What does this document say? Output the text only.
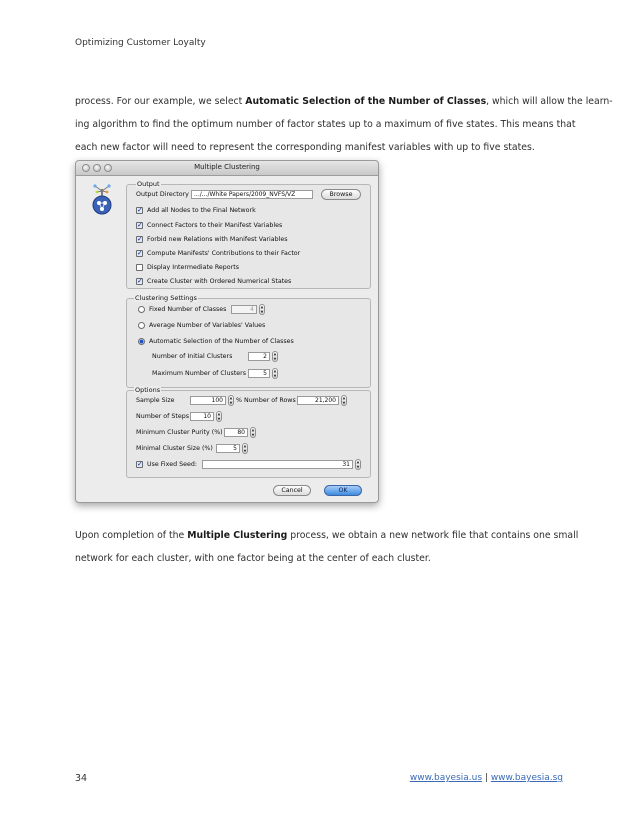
Optimizing Customer Loyalty
process. For our example, we select Automatic Selection of the Number of Classes, which will allow the learn-
ing algorithm to find the optimum number of factor states up to a maximum of five states. This means that
each new factor will need to represent the corresponding manifest variables with up to five states.
Multiple Clustering
Output
Output Directory .../.../White Papers/2009_NVFS/VZ	Browse
✓
Add all Nodes to the Final Network
✓
Connect Factors to their Manifest Variables
✓
Forbid new Relations with Manifest Variables
✓
Compute Manifests' Contributions to their Factor
Display Intermediate Reports
✓
Create Cluster with Ordered Numerical States
Clustering Settings
Fixed Number of Classes	4	▲
▼
Average Number of Variables' Values
Automatic Selection of the Number of Classes
Number of Initial Clusters	2	▲
▼
Maximum Number of Clusters	5	▲
▼
Options
Sample Size	100	▲
▼ % Number of Rows	21,200	▲
▼
Number of Steps	10	▲
▼
Minimum Cluster Purity (%)	80	▲
▼
Minimal Cluster Size (%)	5	▲
▼
✓
Use Fixed Seed:	31	▲
▼
Cancel	OK
Upon completion of the Multiple Clustering process, we obtain a new network file that contains one small
network for each cluster, with one factor being at the center of each cluster.
34	www.bayesia.us | www.bayesia.sg
